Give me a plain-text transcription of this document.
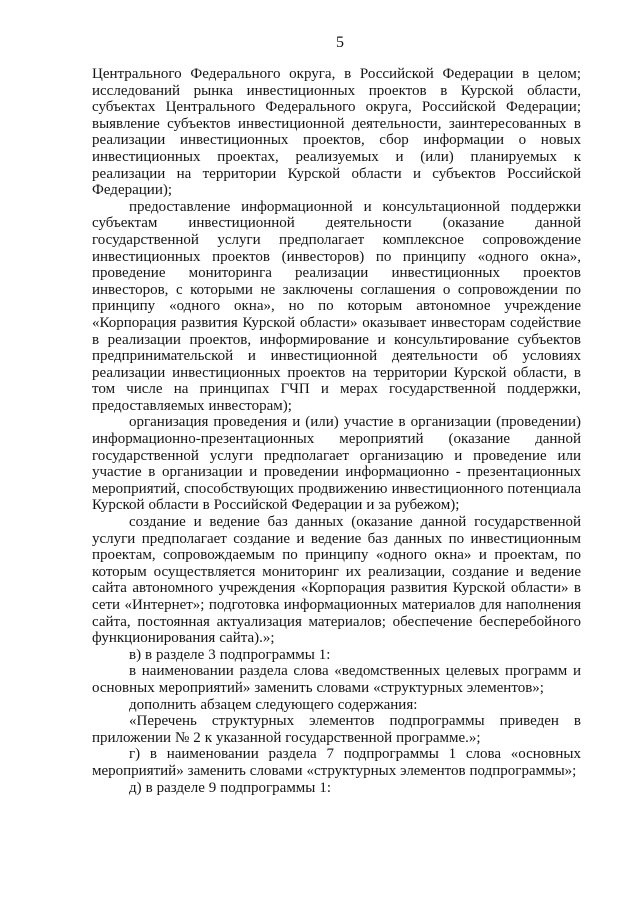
5

Центрального Федерального округа, в Российской Федерации в целом; исследований рынка инвестиционных проектов в Курской области, субъектах Центрального Федерального округа, Российской Федерации; выявление субъектов инвестиционной деятельности, заинтересованных в реализации инвестиционных проектов, сбор информации о новых инвестиционных проектах, реализуемых и (или) планируемых к реализации на территории Курской области и субъектов Российской Федерации);

предоставление информационной и консультационной поддержки субъектам инвестиционной деятельности (оказание данной государственной услуги предполагает комплексное сопровождение инвестиционных проектов (инвесторов) по принципу «одного окна», проведение мониторинга реализации инвестиционных проектов инвесторов, с которыми не заключены соглашения о сопровождении по принципу «одного окна», но по которым автономное учреждение «Корпорация развития Курской области» оказывает инвесторам содействие в реализации проектов, информирование и консультирование субъектов предпринимательской и инвестиционной деятельности об условиях реализации инвестиционных проектов на территории Курской области, в том числе на принципах ГЧП и мерах государственной поддержки, предоставляемых инвесторам);

организация проведения и (или) участие в организации (проведении) информационно-презентационных мероприятий (оказание данной государственной услуги предполагает организацию и проведение или участие в организации и проведении информационно - презентационных мероприятий, способствующих продвижению инвестиционного потенциала Курской области в Российской Федерации и за рубежом);

создание и ведение баз данных (оказание данной государственной услуги предполагает создание и ведение баз данных по инвестиционным проектам, сопровождаемым по принципу «одного окна» и проектам, по которым осуществляется мониторинг их реализации, создание и ведение сайта автономного учреждения «Корпорация развития Курской области» в сети «Интернет»; подготовка информационных материалов для наполнения сайта, постоянная актуализация материалов; обеспечение бесперебойного функционирования сайта).»;

в) в разделе 3 подпрограммы 1:

в наименовании раздела слова «ведомственных целевых программ и основных мероприятий» заменить словами «структурных элементов»;

дополнить абзацем следующего содержания:

«Перечень структурных элементов подпрограммы приведен в приложении № 2 к указанной государственной программе.»;

г) в наименовании раздела 7 подпрограммы 1 слова «основных мероприятий» заменить словами «структурных элементов подпрограммы»;

д) в разделе 9 подпрограммы 1:
